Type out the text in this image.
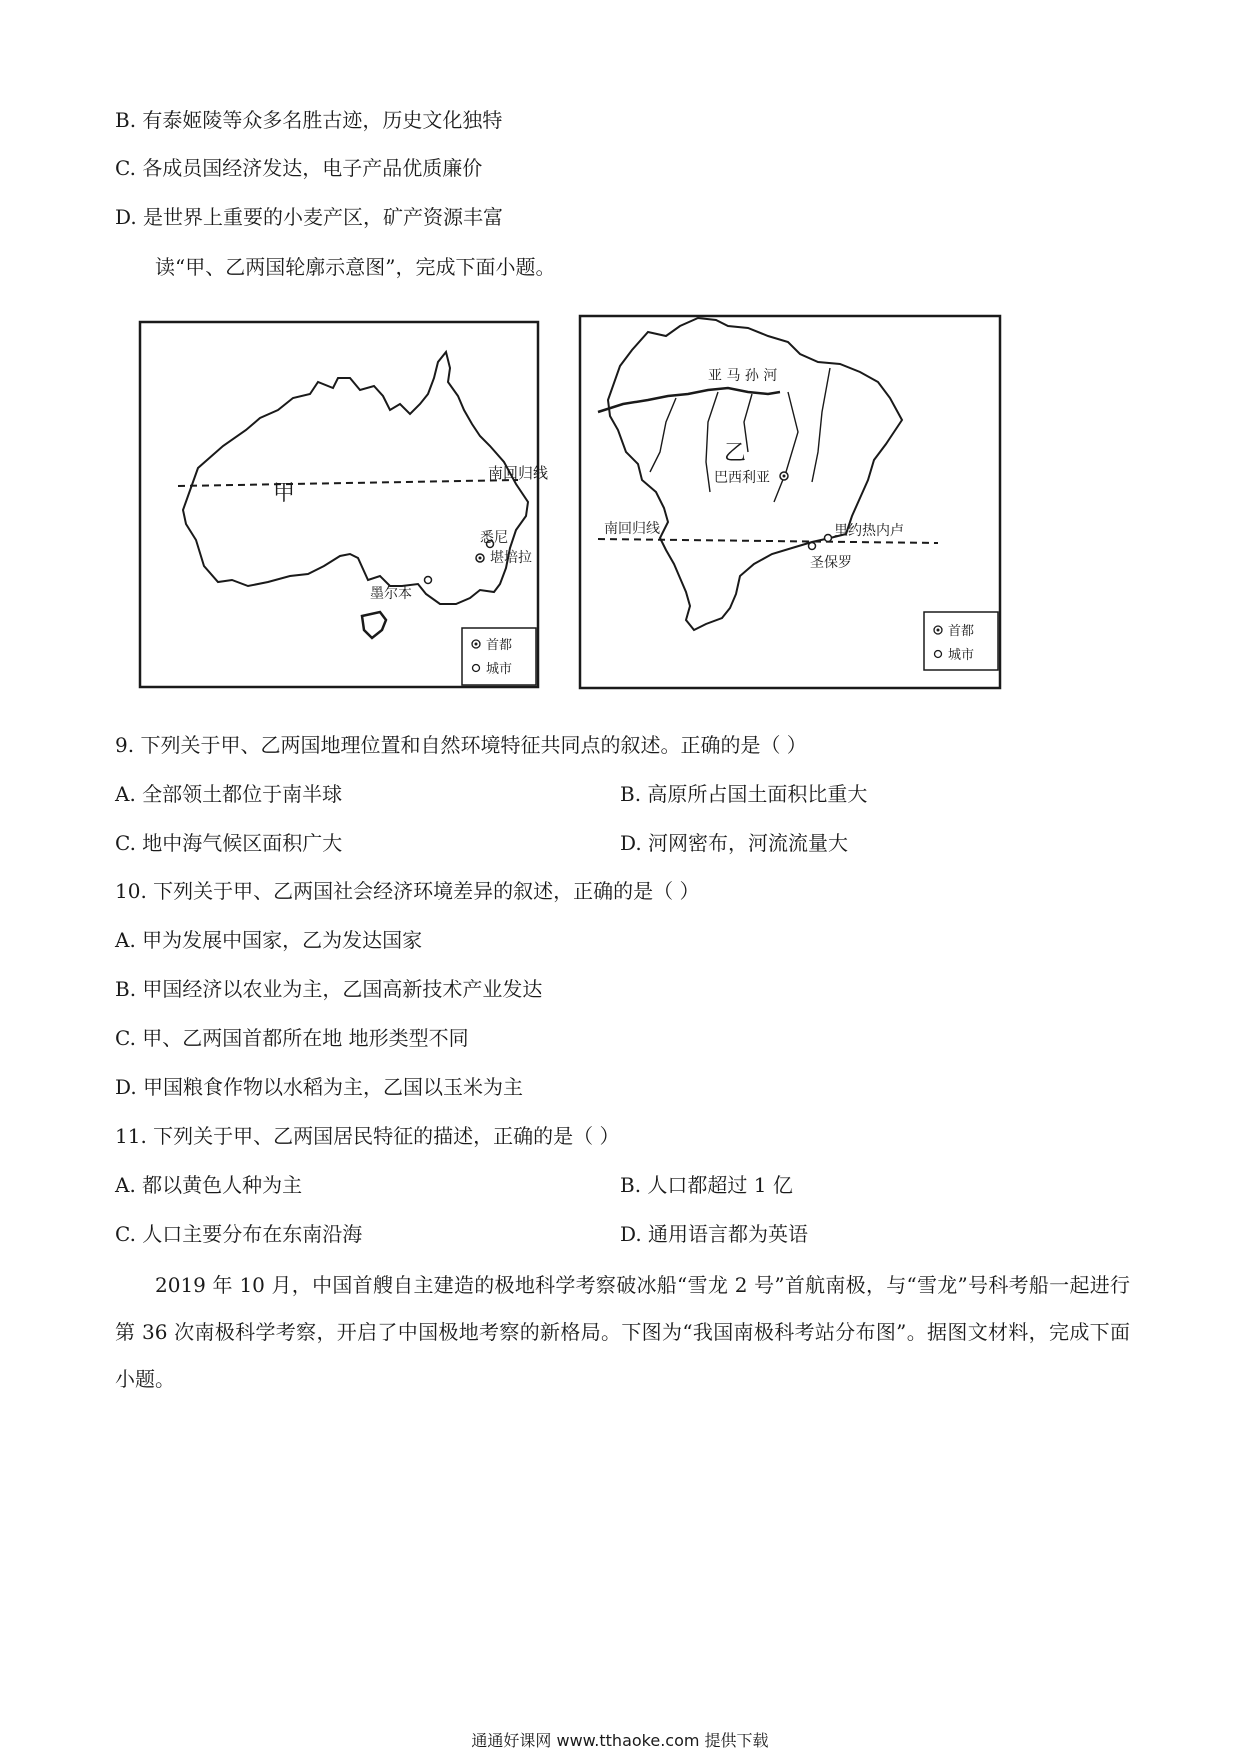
B. 有泰姬陵等众多名胜古迹，历史文化独特
C. 各成员国经济发达，电子产品优质廉价
D. 是世界上重要的小麦产区，矿产资源丰富
读“甲、乙两国轮廓示意图”，完成下面小题。
南回归线
甲
悉尼
堪培拉
墨尔本
首都
城市
亚 马 孙 河
乙
巴西利亚
南回归线	里约热内卢
圣保罗
首都
城市
9. 下列关于甲、乙两国地理位置和自然环境特征共同点的叙述。正确的是（ ）
A. 全部领土都位于南半球	B. 高原所占国土面积比重大
C. 地中海气候区面积广大	D. 河网密布，河流流量大
10. 下列关于甲、乙两国社会经济环境差异的叙述，正确的是（ ）
A. 甲为发展中国家，乙为发达国家
B. 甲国经济以农业为主，乙国高新技术产业发达
C. 甲、乙两国首都所在地 地形类型不同
D. 甲国粮食作物以水稻为主，乙国以玉米为主
11. 下列关于甲、乙两国居民特征的描述，正确的是（ ）
A. 都以黄色人种为主	B. 人口都超过 1 亿
C. 人口主要分布在东南沿海	D. 通用语言都为英语
2019 年 10 月，中国首艘自主建造的极地科学考察破冰船“雪龙 2 号”首航南极，与“雪龙”号科考船一起进行第 36 次南极科学考察，开启了中国极地考察的新格局。下图为“我国南极科考站分布图”。据图文材料，完成下面小题。
通通好课网 www.tthaoke.com 提供下载
